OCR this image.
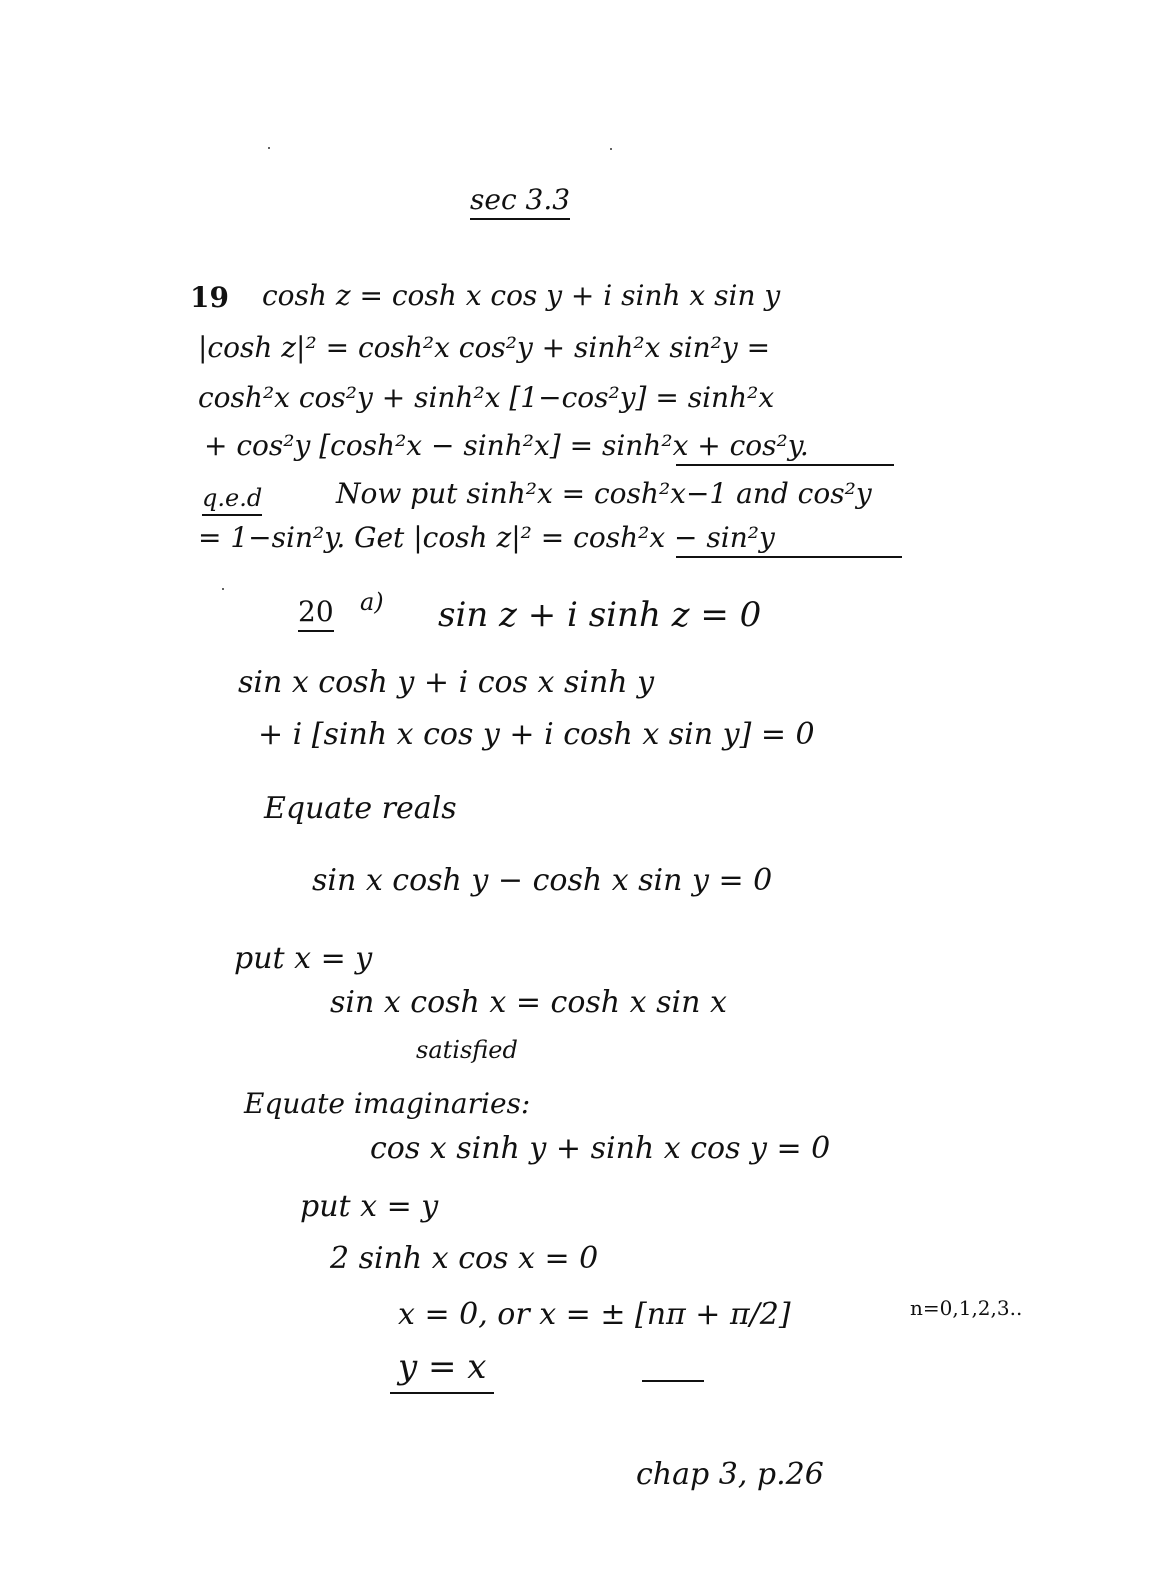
sec 3.3
19 cosh z = cosh x cos y + i sinh x sin y
|cosh z|² = cosh²x cos²y + sinh²x sin²y =
cosh²x cos²y + sinh²x [1−cos²y] = sinh²x
+ cos²y [cosh²x − sinh²x] = sinh²x + cos²y.
q.e.d	Now put sinh²x = cosh²x−1 and cos²y
= 1−sin²y. Get |cosh z|² = cosh²x − sin²y
20 a) sin z + i sinh z = 0
sin x cosh y + i cos x sinh y
+ i [sinh x cos y + i cosh x sin y] = 0
Equate reals
sin x cosh y − cosh x sin y = 0
put x = y
sin x cosh x = cosh x sin x
satisfied
Equate imaginaries:
cos x sinh y + sinh x cos y = 0
put x = y
2 sinh x cos x = 0
x = 0, or x = ± [nπ + π/2]	n=0,1,2,3..
y = x
chap 3, p.26
